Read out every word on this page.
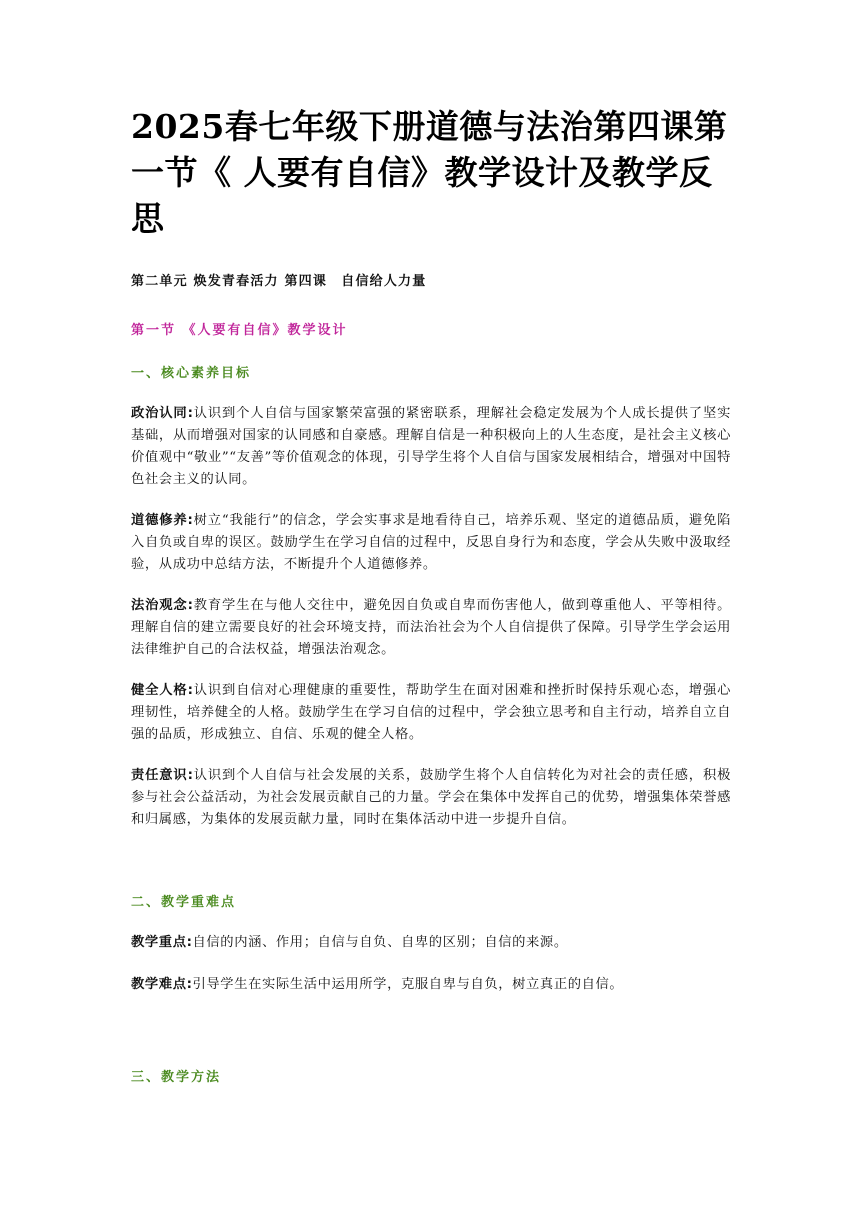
2025春七年级下册道德与法治第四课第一节《 人要有自信》教学设计及教学反思

第二单元 焕发青春活力 第四课　自信给人力量

第一节 《人要有自信》教学设计

一、核心素养目标

政治认同:认识到个人自信与国家繁荣富强的紧密联系，理解社会稳定发展为个人成长提供了坚实基础，从而增强对国家的认同感和自豪感。理解自信是一种积极向上的人生态度，是社会主义核心价值观中“敬业”“友善”等价值观念的体现，引导学生将个人自信与国家发展相结合，增强对中国特色社会主义的认同。

道德修养:树立“我能行”的信念，学会实事求是地看待自己，培养乐观、坚定的道德品质，避免陷入自负或自卑的误区。鼓励学生在学习自信的过程中，反思自身行为和态度，学会从失败中汲取经验，从成功中总结方法，不断提升个人道德修养。

法治观念:教育学生在与他人交往中，避免因自负或自卑而伤害他人，做到尊重他人、平等相待。理解自信的建立需要良好的社会环境支持，而法治社会为个人自信提供了保障。引导学生学会运用法律维护自己的合法权益，增强法治观念。

健全人格:认识到自信对心理健康的重要性，帮助学生在面对困难和挫折时保持乐观心态，增强心理韧性，培养健全的人格。鼓励学生在学习自信的过程中，学会独立思考和自主行动，培养自立自强的品质，形成独立、自信、乐观的健全人格。

责任意识:认识到个人自信与社会发展的关系，鼓励学生将个人自信转化为对社会的责任感，积极参与社会公益活动，为社会发展贡献自己的力量。学会在集体中发挥自己的优势，增强集体荣誉感和归属感，为集体的发展贡献力量，同时在集体活动中进一步提升自信。

二、教学重难点

教学重点:自信的内涵、作用；自信与自负、自卑的区别；自信的来源。

教学难点:引导学生在实际生活中运用所学，克服自卑与自负，树立真正的自信。

三、教学方法
